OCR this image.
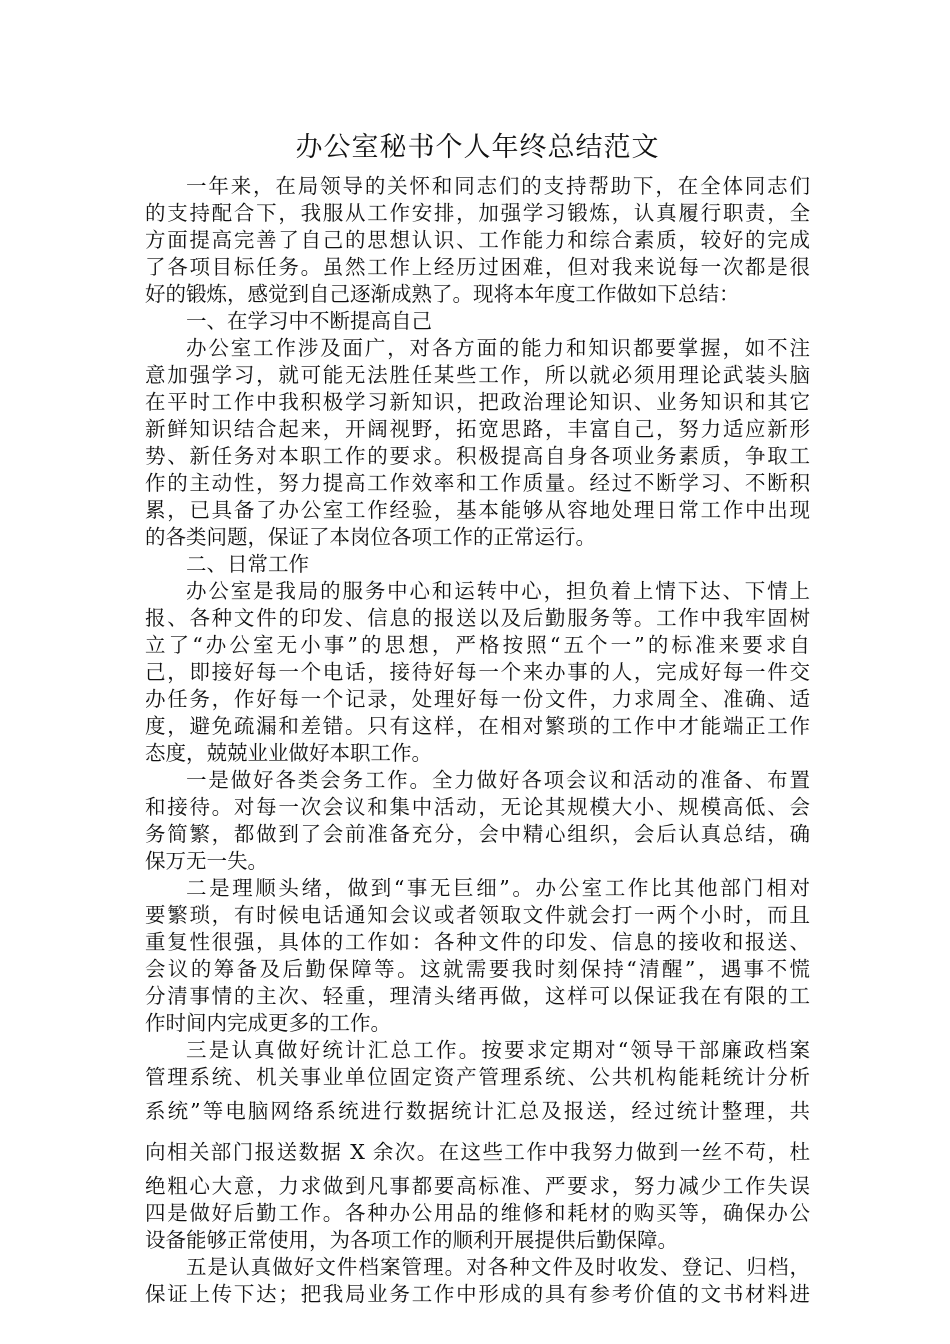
办公室秘书个人年终总结范文
一年来，在局领导的关怀和同志们的支持帮助下，在全体同志们
的支持配合下，我服从工作安排，加强学习锻炼，认真履行职责，全
方面提高完善了自己的思想认识、工作能力和综合素质，较好的完成
了各项目标任务。虽然工作上经历过困难，但对我来说每一次都是很
好的锻炼，感觉到自己逐渐成熟了。现将本年度工作做如下总结：
一、在学习中不断提高自己
办公室工作涉及面广，对各方面的能力和知识都要掌握，如不注
意加强学习，就可能无法胜任某些工作，所以就必须用理论武装头脑
在平时工作中我积极学习新知识，把政治理论知识、业务知识和其它
新鲜知识结合起来，开阔视野，拓宽思路，丰富自己，努力适应新形
势、新任务对本职工作的要求。积极提高自身各项业务素质，争取工
作的主动性，努力提高工作效率和工作质量。经过不断学习、不断积
累，已具备了办公室工作经验，基本能够从容地处理日常工作中出现
的各类问题，保证了本岗位各项工作的正常运行。
二、日常工作
办公室是我局的服务中心和运转中心，担负着上情下达、下情上
报、各种文件的印发、信息的报送以及后勤服务等。工作中我牢固树
立了“办公室无小事”的思想，严格按照“五个一”的标准来要求自
己，即接好每一个电话，接待好每一个来办事的人，完成好每一件交
办任务，作好每一个记录，处理好每一份文件，力求周全、准确、适
度，避免疏漏和差错。只有这样，在相对繁琐的工作中才能端正工作
态度，兢兢业业做好本职工作。
一是做好各类会务工作。全力做好各项会议和活动的准备、布置
和接待。对每一次会议和集中活动，无论其规模大小、规模高低、会
务简繁，都做到了会前准备充分，会中精心组织，会后认真总结，确
保万无一失。
二是理顺头绪，做到“事无巨细”。办公室工作比其他部门相对
要繁琐，有时候电话通知会议或者领取文件就会打一两个小时，而且
重复性很强，具体的工作如：各种文件的印发、信息的接收和报送、
会议的筹备及后勤保障等。这就需要我时刻保持“清醒”，遇事不慌
分清事情的主次、轻重，理清头绪再做，这样可以保证我在有限的工
作时间内完成更多的工作。
三是认真做好统计汇总工作。按要求定期对“领导干部廉政档案
管理系统、机关事业单位固定资产管理系统、公共机构能耗统计分析
系统”等电脑网络系统进行数据统计汇总及报送，经过统计整理，共
向相关部门报送数据 X 余次。在这些工作中我努力做到一丝不苟，杜
绝粗心大意，力求做到凡事都要高标准、严要求，努力减少工作失误
四是做好后勤工作。各种办公用品的维修和耗材的购买等，确保办公
设备能够正常使用，为各项工作的顺利开展提供后勤保障。
五是认真做好文件档案管理。对各种文件及时收发、登记、归档，
保证上传下达；把我局业务工作中形成的具有参考价值的文书材料进
